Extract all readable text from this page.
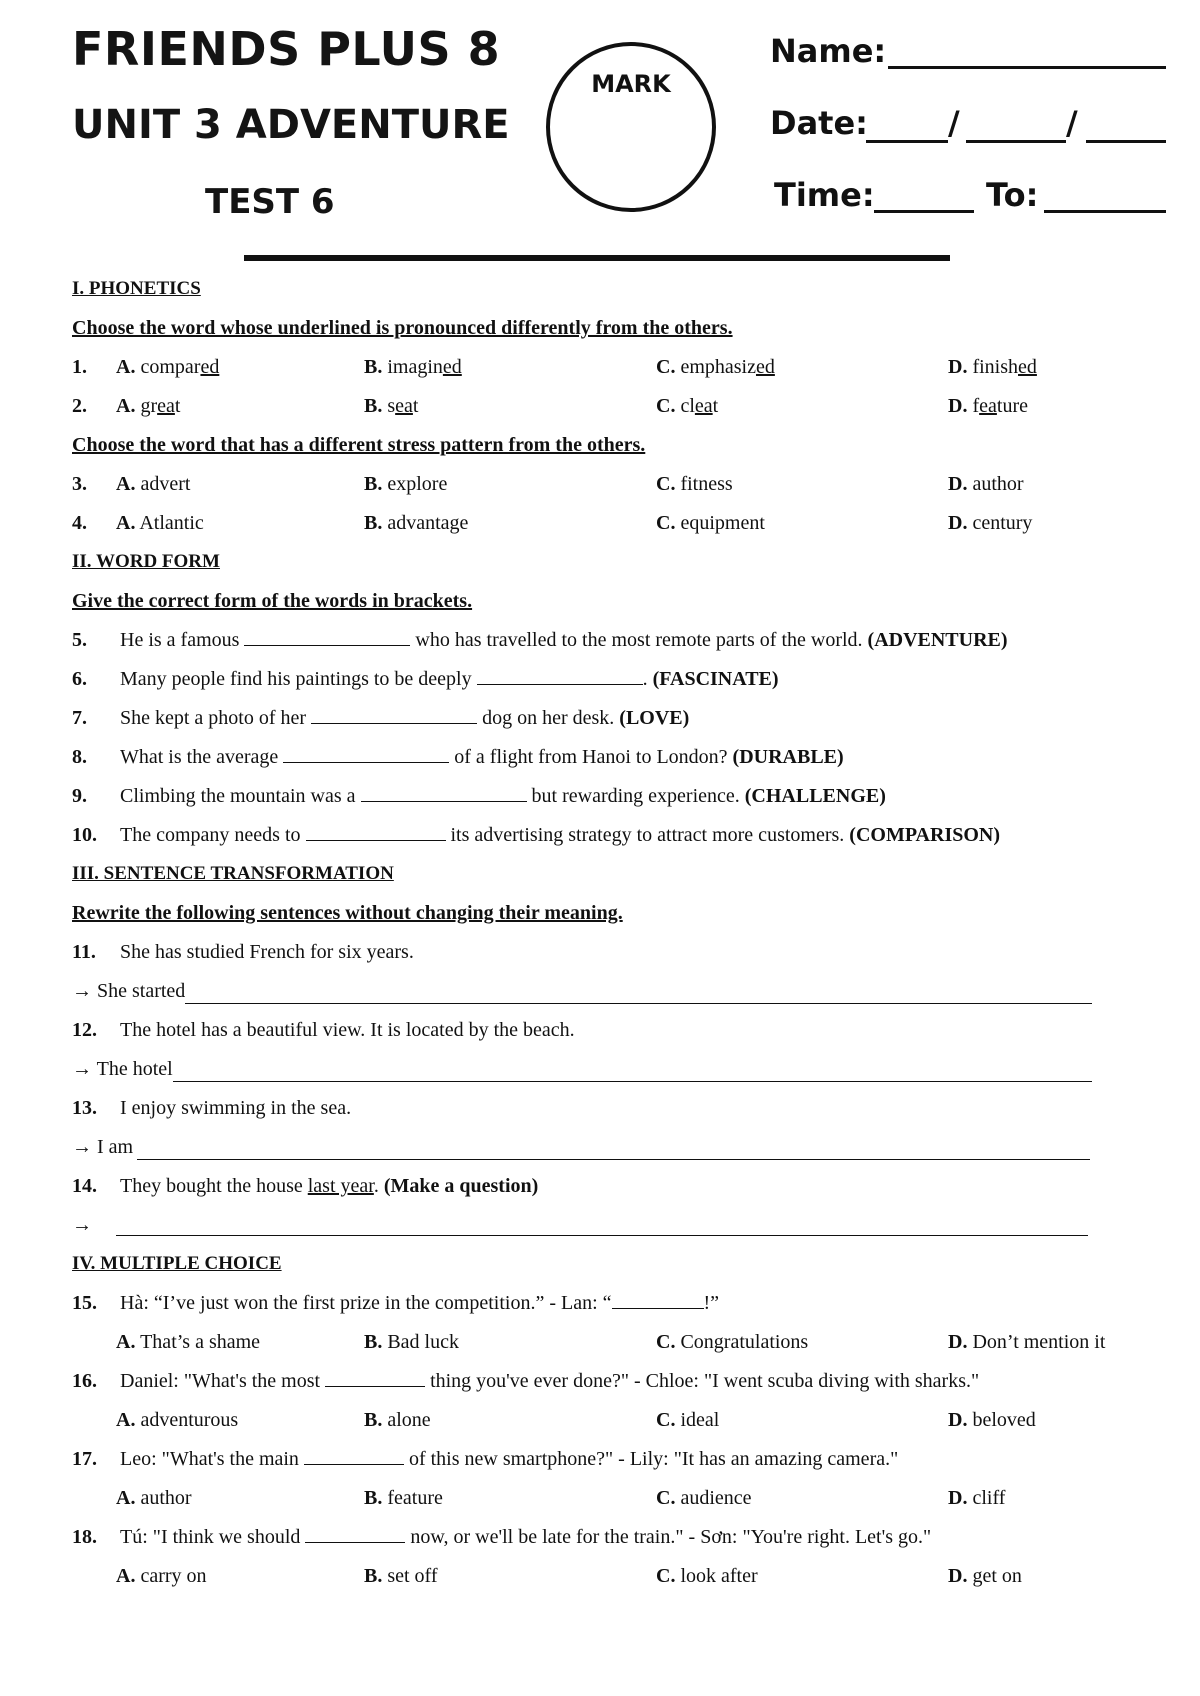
FRIENDS PLUS 8
UNIT 3 ADVENTURE
TEST 6
MARK
Name:
Date:	/	/
Time:	To:
I. PHONETICS
Choose the word whose underlined is pronounced differently from the others.
1. A. compared	B. imagined	C. emphasized	D. finished
2. A. great	B. seat	C. cleat	D. feature
Choose the word that has a different stress pattern from the others.
3. A. advert	B. explore	C. fitness	D. author
4. A. Atlantic	B. advantage	C. equipment	D. century
II. WORD FORM
Give the correct form of the words in brackets.
5. He is a famous	who has travelled to the most remote parts of the world. (ADVENTURE)
6. Many people find his paintings to be deeply	. (FASCINATE)
7. She kept a photo of her	dog on her desk. (LOVE)
8. What is the average	of a flight from Hanoi to London? (DURABLE)
9. Climbing the mountain was a	but rewarding experience. (CHALLENGE)
10. The company needs to	its advertising strategy to attract more customers. (COMPARISON)
III. SENTENCE TRANSFORMATION
Rewrite the following sentences without changing their meaning.
11. She has studied French for six years.
→ She started
12. The hotel has a beautiful view. It is located by the beach.
→ The hotel
13. I enjoy swimming in the sea.
→ I am
14. They bought the house last year. (Make a question)
→
IV. MULTIPLE CHOICE
15. Hà: “I’ve just won the first prize in the competition.” - Lan: “	!”
A. That’s a shame	B. Bad luck	C. Congratulations	D. Don’t mention it
16. Daniel: "What's the most	thing you've ever done?" - Chloe: "I went scuba diving with sharks."
A. adventurous	B. alone	C. ideal	D. beloved
17. Leo: "What's the main	of this new smartphone?" - Lily: "It has an amazing camera."
A. author	B. feature	C. audience	D. cliff
18. Tú: "I think we should	now, or we'll be late for the train." - Sơn: "You're right. Let's go."
A. carry on	B. set off	C. look after	D. get on
